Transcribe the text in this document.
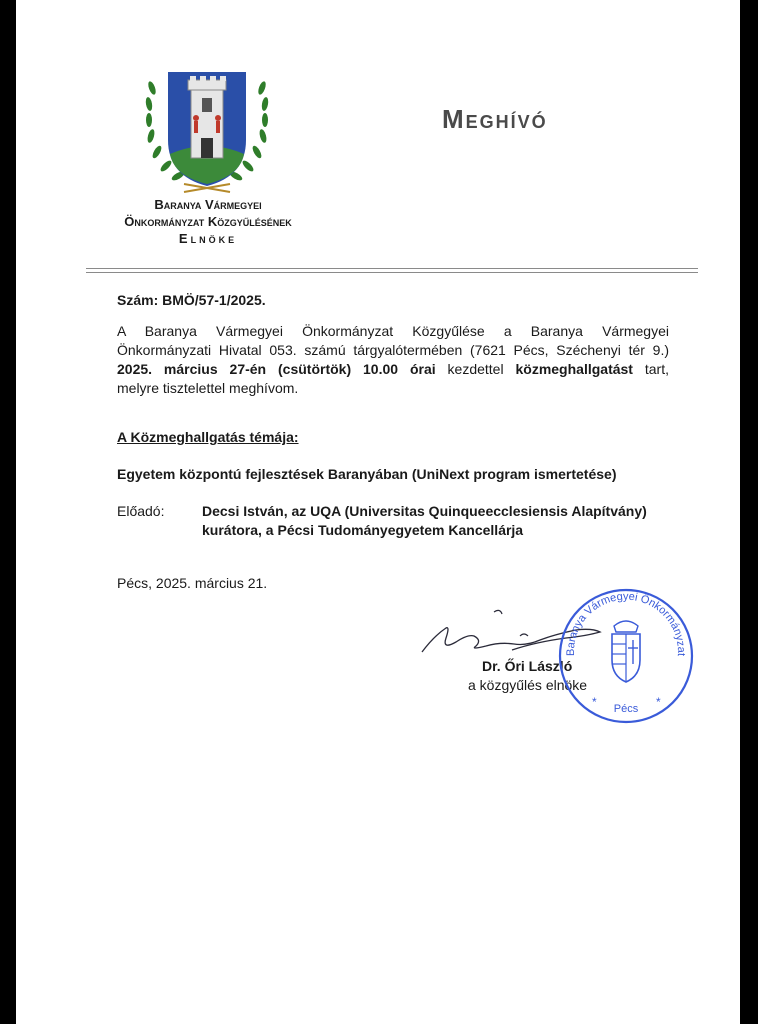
Baranya Vármegyei
Önkormányzat Közgyűlésének
Elnöke
Meghívó
Szám: BMÖ/57-1/2025.

A Baranya Vármegyei Önkormányzat Közgyűlése a Baranya Vármegyei

Önkormányzati Hivatal 053. számú tárgyalótermében (7621 Pécs, Széchenyi tér 9.)

2025. március 27-én (csütörtök) 10.00 órai kezdettel közmeghallgatást tart,

melyre tisztelettel meghívom.

A Közmeghallgatás témája:
Egyetem központú fejlesztések Baranyában (UniNext program ismertetése)
Előadó:	Decsi István, az UQA (Universitas Quinqueecclesiensis Alapítvány)
kurátora, a Pécsi Tudományegyetem Kancellárja
Pécs, 2025. március 21.
Dr. Őri László
a közgyűlés elnöke
Baranya Vármegyei Önkormányzat
*	*
Pécs
